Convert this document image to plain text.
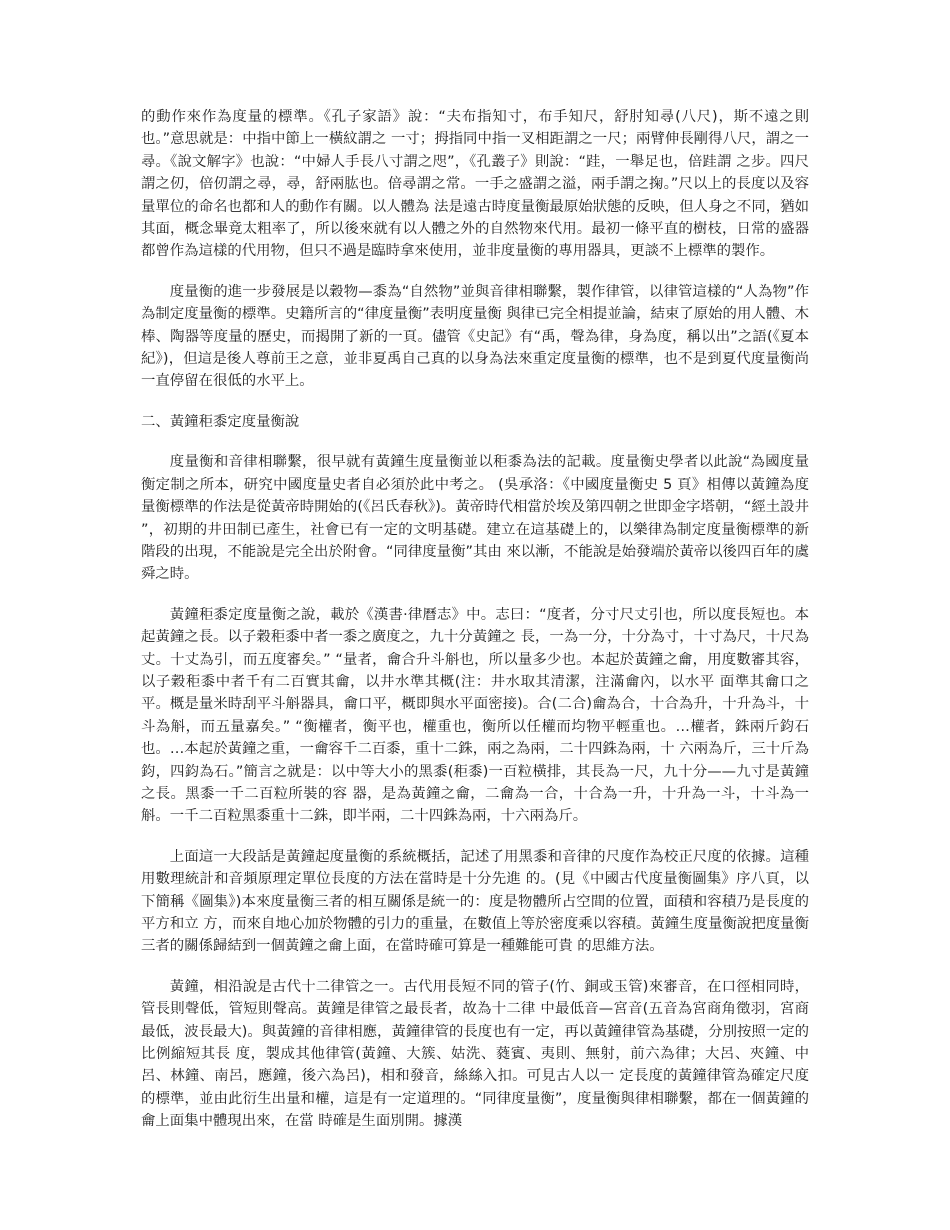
的動作來作為度量的標準。《孔子家語》說：“夫布指知寸，布手知尺，舒肘知尋(八尺)，斯不遠之則也。”意思就是：中指中節上一橫紋謂之 一寸；拇指同中指一叉相距謂之一尺；兩臂伸長剛得八尺，謂之一尋。《說文解字》也說：“中婦人手長八寸謂之咫”，《孔叢子》則說：“跬，一舉足也，倍跬謂 之步。四尺謂之仞，倍仞謂之尋，尋，舒兩肱也。倍尋謂之常。一手之盛謂之溢，兩手謂之掬。”尺以上的長度以及容量單位的命名也都和人的動作有關。以人體為 法是遠古時度量衡最原始狀態的反映，但人身之不同，猶如其面，概念畢竟太粗率了，所以後來就有以人體之外的自然物來代用。最初一條平直的樹枝，日常的盛器 都曾作為這樣的代用物，但只不過是臨時拿來使用，並非度量衡的專用器具，更談不上標準的製作。

度量衡的進一步發展是以穀物—黍為“自然物”並與音律相聯繫，製作律管，以律管這樣的“人為物”作為制定度量衡的標準。史籍所言的“律度量衡”表明度量衡 與律已完全相提並論，結束了原始的用人體、木棒、陶器等度量的歷史，而揭開了新的一頁。儘管《史記》有“禹，聲為律，身為度，稱以出”之語(《夏本 紀》)，但這是後人尊前王之意，並非夏禹自己真的以身為法來重定度量衡的標準，也不是到夏代度量衡尚一直停留在很低的水平上。

二、黃鐘秬黍定度量衡說

度量衡和音律相聯繫，很早就有黃鐘生度量衡並以秬黍為法的記載。度量衡史學者以此說“為國度量衡定制之所本，研究中國度量史者自必須於此中考之。 (吳承洛：《中國度量衡史 5 頁》相傳以黃鐘為度量衡標準的作法是從黃帝時開始的(《呂氏春秋》)。黃帝時代相當於埃及第四朝之世即金字塔朝，“經土設井 ”，初期的井田制已產生，社會已有一定的文明基礎。建立在這基礎上的，以樂律為制定度量衡標準的新階段的出現，不能說是完全出於附會。“同律度量衡”其由 來以漸，不能說是始發端於黃帝以後四百年的虞舜之時。

黃鐘秬黍定度量衡之說，載於《漢書·律曆志》中。志曰：“度者，分寸尺丈引也，所以度長短也。本起黃鐘之長。以子穀秬黍中者一黍之廣度之，九十分黃鐘之 長，一為一分，十分為寸，十寸為尺，十尺為丈。十丈為引，而五度審矣。” “量者，龠合升斗斛也，所以量多少也。本起於黃鐘之龠，用度數審其容，以子穀秬黍中者千有二百實其龠，以井水準其概(注：井水取其清潔，注滿龠內，以水平 面準其龠口之平。概是量米時刮平斗斛器具，龠口平，概即與水平面密接)。合(二合)龠為合，十合為升，十升為斗，十斗為斛，而五量嘉矣。” “衡權者，衡平也，權重也，衡所以任權而均物平輕重也。…權者，銖兩斤鈞石也。…本起於黃鐘之重，一龠容千二百黍，重十二銖，兩之為兩，二十四銖為兩，十 六兩為斤，三十斤為鈞，四鈞為石。”簡言之就是：以中等大小的黑黍(秬黍)一百粒橫排，其長為一尺，九十分——九寸是黃鐘之長。黑黍一千二百粒所裝的容 器，是為黃鐘之龠，二龠為一合，十合為一升，十升為一斗，十斗為一斛。一千二百粒黑黍重十二銖，即半兩，二十四銖為兩，十六兩為斤。

上面這一大段話是黃鐘起度量衡的系統概括，記述了用黑黍和音律的尺度作為校正尺度的依據。這種用數理統計和音頻原理定單位長度的方法在當時是十分先進 的。(見《中國古代度量衡圖集》序八頁，以下簡稱《圖集》)本來度量衡三者的相互關係是統一的：度是物體所占空間的位置，面積和容積乃是長度的平方和立 方，而來自地心加於物體的引力的重量，在數值上等於密度乘以容積。黃鐘生度量衡說把度量衡三者的關係歸結到一個黃鐘之龠上面，在當時確可算是一種難能可貴 的思維方法。

黃鐘，相沿說是古代十二律管之一。古代用長短不同的管子(竹、銅或玉管)來審音，在口徑相同時，管長則聲低，管短則聲高。黃鐘是律管之最長者，故為十二律 中最低音—宮音(五音為宮商角徵羽，宮商最低，波長最大)。與黃鐘的音律相應，黃鐘律管的長度也有一定，再以黃鐘律管為基礎，分別按照一定的比例縮短其長 度，製成其他律管(黃鐘、大簇、姑洗、蕤賓、夷則、無射，前六為律；大呂、夾鐘、中呂、林鐘、南呂，應鐘，後六為呂)，相和發音，絲絲入扣。可見古人以一 定長度的黃鐘律管為確定尺度的標準，並由此衍生出量和權，這是有一定道理的。“同律度量衡”，度量衡與律相聯繫，都在一個黃鐘的龠上面集中體現出來，在當 時確是生面別開。據漢
